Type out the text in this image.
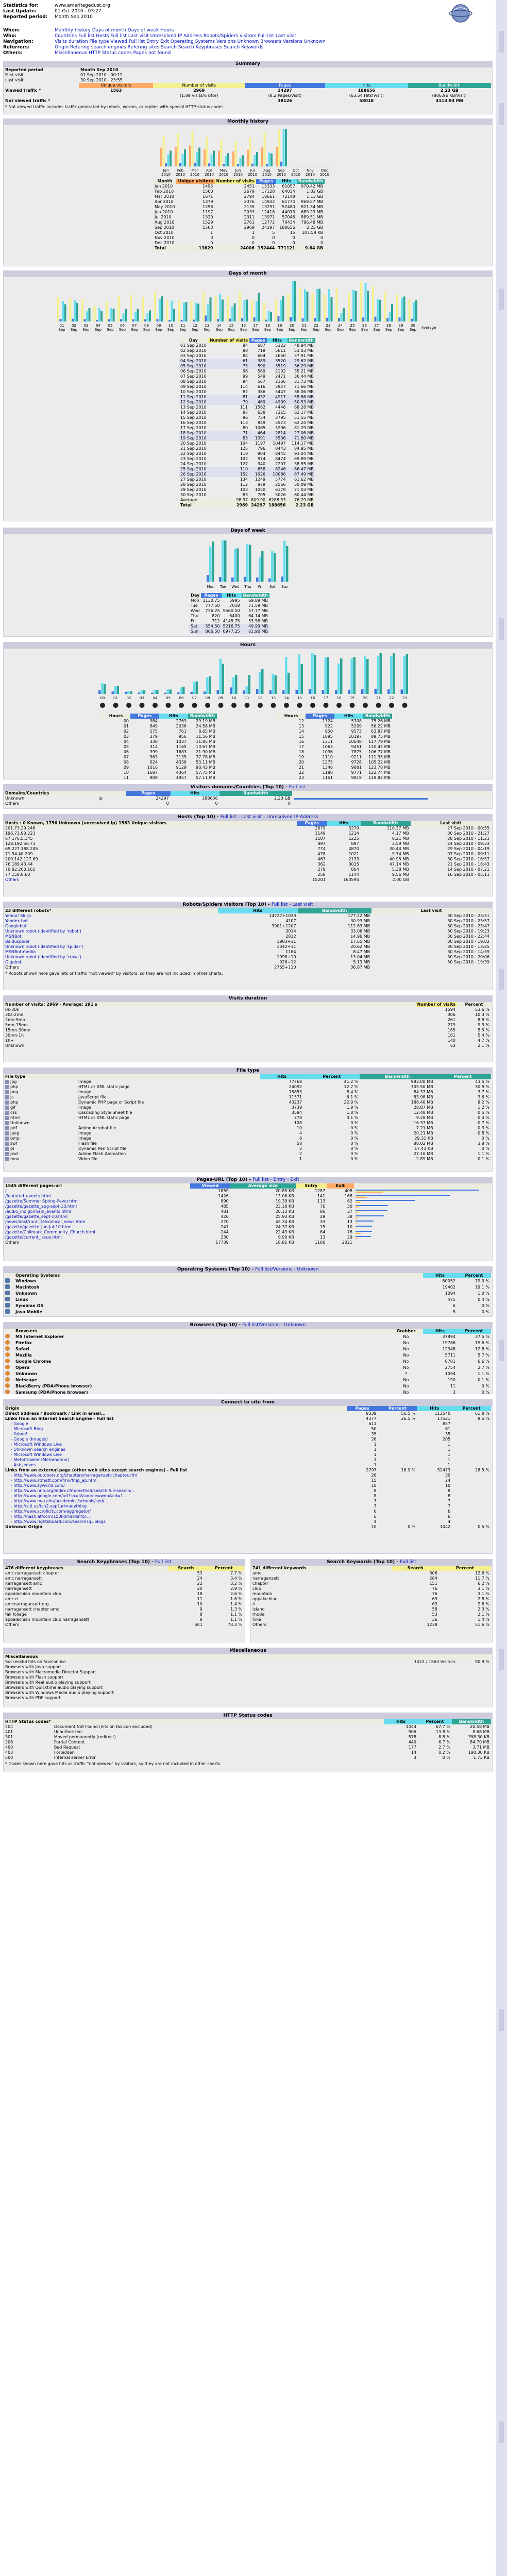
Statistics for:	www.ameritagedust.org
Last Update:	01 Oct 2010 - 03:27
Reported period:	Month Sep 2010
When:	Monthly history Days of month Days of week Hours
Who:	Countries Full list Hosts Full list Last visit Unresolved IP Address Robots/Spiders visitors Full list Last visit
Navigation:	Visits duration File type Viewed Full list Entry Exit Operating Systems Versions Unknown Browsers Versions Unknown
Referrers:	Origin Refering search engines Refering sites Search Search Keyphrases Search Keywords
Others:	Miscellaneous HTTP Status codes Pages not found
Summary
Reported period	Month Sep 2010				
First visit	01 Sep 2010 - 00:12				
Last visit	30 Sep 2010 - 23:55				
	Unique visitors	Number of visits	Pages	Hits	Bandwidth
Viewed traffic *	1563	2969	24297	188656	2.23 GB
		(1.89 visits/visitor)	(8.2 Pages/Visit)	(63.54 Hits/Visit)	(806.96 KB/Visit)
Not viewed traffic *			38126	58018	4113.94 MB
* Not viewed traffic includes traffic generated by robots, worms, or replies with special HTTP status codes.
Monthly history
Jan
2010
Feb
2010
Mar
2010
Apr
2010
May
2010
Jun
2010
Jul
2010
Aug
2010
Sep
2010
Oct
2010
Nov
2010
Dec
2010
Month	Unique visitors	Number of visits	Pages	Hits	Bandwidth
Jan 2010	1495	2451	15333	61057	970.42 MB
Feb 2010	1560	2679	17128	64034	1.02 GB
Mar 2010	1671	2794	18661	72148	1.13 GB
Apr 2010	1379	2376	14932	61774	969.57 MB
May 2010	1258	2135	13291	52480	821.34 MB
Jun 2010	1197	2033	12418	44013	689.29 MB
Jul 2010	1320	2311	13971	57046	889.51 MB
Aug 2010	1529	2761	12772	70434	796.48 MB
Sep 2010	1563	2969	24297	188656	2.23 GB
Oct 2010	1	1	5	15	107.58 KB
Nov 2010	0	0	0	0	0
Dec 2010	0	0	0	0	0
Total	13629	24006	152444	771121	9.64 GB
Days of month
01
Sep
02
Sep
03
Sep
04
Sep
05
Sep
06
Sep
07
Sep
08
Sep
09
Sep
10
Sep
11
Sep
12
Sep
13
Sep
14
Sep
15
Sep
16
Sep
17
Sep
18
Sep
19
Sep
20
Sep
21
Sep
22
Sep
23
Sep
24
Sep
25
Sep
26
Sep
27
Sep
28
Sep
29
Sep
30
Sep Average
Day	Number of visits	Pages	Hits	Bandwidth
01 Sep 2010	94	687	5322	48.94 MB
02 Sep 2010	88	719	5611	53.03 MB
03 Sep 2010	84	604	2650	37.91 MB
04 Sep 2010	61	389	3520	29.62 MB
05 Sep 2010	75	590	3519	36.29 MB
06 Sep 2010	96	589	2102	35.21 MB
07 Sep 2010	99	549	2471	36.44 MB
08 Sep 2010	94	567	2166	31.73 MB
09 Sep 2010	114	616	5927	71.66 MB
10 Sep 2010	82	386	5447	36.06 MB
11 Sep 2010	81	432	4917	55.86 MB
12 Sep 2010	79	469	4909	50.53 MB
13 Sep 2010	111	1562	4446	68.28 MB
14 Sep 2010	97	638	7215	62.17 MB
15 Sep 2010	96	734	3795	51.55 MB
16 Sep 2010	113	849	5573	62.24 MB
17 Sep 2010	80	1065	5296	81.29 MB
18 Sep 2010	71	464	2814	27.06 MB
19 Sep 2010	83	1391	5536	71.60 MB
20 Sep 2010	104	1197	10497	114.17 MB
21 Sep 2010	125	796	8443	84.95 MB
22 Sep 2010	110	904	8445	93.04 MB
23 Sep 2010	102	974	8474	69.89 MB
24 Sep 2010	127	940	2207	38.55 MB
25 Sep 2010	110	658	8246	86.47 MB
26 Sep 2010	152	1026	10086	87.49 MB
27 Sep 2010	134	1249	5774	61.62 MB
28 Sep 2010	112	879	2566	50.09 MB
29 Sep 2010	103	1050	6179	71.03 MB
30 Sep 2010	83	705	5026	60.44 MB
Average	98.97	809.90	6288.53	76.29 MB
Total	2969	24297	188656	2.23 GB
Days of week
Mon Tue Wed Thu Fri Sat Sun
Day	Pages	Hits	Bandwidth
Mon	1130.75	5995	69.89 MB
Tue	777.50	7019	71.59 MB
Wed	736.25	5560.50	57.77 MB
Thu	820	6400	64.14 MB
Fri	712	4145.75	53.58 MB
Sat	554.50	5216.75	49.99 MB
Sun	866.50	6977.25	61.90 MB
Hours
00 01 02 03 04 05 06 07 08 09 10 11 12 13 14 15 16 17 18 19 20 21 22 23
Hours	Pages	Hits	Bandwidth
00	984	2763	29.19 MB
01	649	2036	24.58 MB
02	575	761	8.65 MB
03	379	956	11.56 MB
04	330	1037	11.85 MB
05	314	1165	13.67 MB
06	399	1683	21.90 MB
07	563	3135	37.78 MB
08	624	4336	53.11 MB
09	1016	9129	90.43 MB
10	1687	4364	57.75 MB
11	909	1957	57.11 MB
Hours	Pages	Hits	Bandwidth
12	1324	5708	75.26 MB
13	922	5209	56.22 MB
14	950	9573	63.87 MB
15	1095	10197	89.75 MB
16	1311	10648	117.79 MB
17	1063	9451	110.42 MB
18	1036	7875	106.77 MB
19	1110	9211	111.35 MB
20	1275	9728	105.22 MB
21	1346	9881	123.78 MB
22	1180	9771	122.74 MB
23	1151	9819	119.82 MB
Visitors domains/Countries (Top 10) - Full list
Domains/Countries		Pages	Hits	Bandwidth	
Unknown	ip	24297	188656	2.23 GB	

Others		0	0	0	
Hosts (Top 10) - Full list - Last visit - Unresolved IP Address
Hosts : 0 Known, 1756 Unknown (unresolved ip) 1563 Unique visitors	Pages	Hits	Bandwidth	Last visit
201.73.29.246	2679	5279	110.37 MB	27 Sep 2010 - 00:55
196.73.90.223	1149	1214	4.17 MB	30 Sep 2010 - 21:27
67.176.5.145	1107	1225	8.21 MB	28 Sep 2010 - 11:21
128.192.56.71	897	897	3.59 MB	24 Sep 2010 - 09:33
69.227.188.245	774	4870	30.44 MB	29 Sep 2010 - 04:19
71.94.40.209	478	1021	9.74 MB	07 Sep 2010 - 09:11
209.142.127.69	463	2133	40.95 MB	30 Sep 2010 - 16:57
76.189.43.44	362	3015	47.14 MB	21 Sep 2010 - 16:43
70.82.200.165	279	864	5.38 MB	14 Sep 2010 - 07:21
77.158.8.60	258	1144	9.56 MB	16 Sep 2010 - 05:11
Others	15201	160594	2.00 GB	
Robots/Spiders visitors (Top 10) - Full list - Last visit
23 different robots*	Hits	Bandwidth	Last visit
Yahoo! Slurp	14727+1033	177.22 MB	30 Sep 2010 - 23:51
Yandex bot	4107	30.93 MB	30 Sep 2010 - 23:57
Googlebot	3901+1207	112.63 MB	30 Sep 2010 - 23:47
Unknown robot (identified by 'robot')	3014	33.06 MB	30 Sep 2010 - 19:23
MSNBot	2812	14.96 MB	30 Sep 2010 - 22:44
Baiduspider	1983+11	17.65 MB	30 Sep 2010 - 19:02
Unknown robot (identified by 'spider')	1342+11	20.62 MB	30 Sep 2010 - 13:25
MSNBot-media	1184	8.47 MB	30 Sep 2010 - 14:39
Unknown robot (identified by 'crawl')	1098+10	13.04 MB	30 Sep 2010 - 20:06
Gigabot	926+12	5.13 MB	30 Sep 2010 - 19:39
Others	2765+110	36.87 MB	
* Robots shown here gave hits or traffic "not viewed" by visitors, so they are not included in other charts.
Visits duration
Number of visits: 2969 - Average: 291 s	Number of visits	Percent
0s-30s	1594	53.6 %
30s-2mn	306	10.3 %
2mn-5mn	261	8.8 %
5mn-15mn	279	9.3 %
15mn-30mn	165	5.5 %
30mn-1h	161	5.4 %
1h+	140	4.7 %
Unknown	63	2.1 %
File type
File type		Hits	Percent	Bandwidth	Percent
jpg	Image	77768	41.2 %	993.00 MB	43.5 %
php	HTML or XML static page	24092	12.7 %	705.50 MB	30.9 %
png	Image	15853	8.4 %	84.37 MB	3.7 %
js	JavaScript file	11571	6.1 %	83.98 MB	3.6 %
php	Dynamic PHP page or Script file	43237	22.9 %	188.40 MB	8.2 %
gif	Image	3739	1.9 %	28.87 MB	1.2 %
css	Cascading Style Sheet file	3584	1.8 %	12.48 MB	0.5 %
html	HTML or XML static page	278	0.1 %	9.28 MB	0.4 %
Unknown		108	0 %	16.37 MB	0.7 %
pdf	Adobe Acrobat file	10	0 %	7.21 MB	0.3 %
jpeg	Image	4	0 %	20.21 MB	0.8 %
bmp	Image	8	0 %	29.31 KB	0 %
swf	Flash file	58	0 %	88.02 MB	3.8 %
pl	Dynamic Perl Script file	3	0 %	17.43 KB	0 %
psd	Adobe Flash Animation	2	0 %	27.16 MB	1.1 %
mov	Video file	1	0 %	2.89 MB	0.1 %
Pages-URL (Top 10) - Full list - Entry - Exit
1545 different pages-url	Viewed	Average size	Entry	Exit	
/	1859	20.85 KB	1287	408	

/featured_events.html	1426	13.06 KB	141	168	

/gazette/Summer-Spring-Fever.html	890	19.39 KB	113	62	

/gazette/gazette_aug-sept-10.html	485	23.18 KB	76	30	

/audio_indigo/main_events.html	481	20.13 KB	86	37	

/gazette/gazette_sept-10.html	426	25.93 KB	29	38	

/news/dost/rural_telco/local_news.html	270	42.34 KB	33	13	

/gazette/gazette_jun-jul-10.html	247	24.37 KB	15	10	

/gazette/Chilmark_Community_Church.html	244	22.43 KB	64	76	

/gazette/current_issue.html	230	9.90 KB	13	29	

Others	17739	18.81 KB	1106	2021	
Operating Systems (Top 10) - Full list/Versions - Unknown
	Operating Systems	Hits	Percent
	Windows	80052	79.0 %
	Macintosh	19402	19.1 %
	Unknown	1094	1.0 %
	Linux	475	0.4 %
	Symbian OS	6	0 %
	Java Mobile	5	0 %
Browsers (Top 10) - Full list/Versions - Unknown
	Browsers	Grabber	Hits	Percent
	MS Internet Explorer	No	37894	37.5 %
	Firefox	No	19766	19.6 %
	Safari	No	12948	12.8 %
	Mozilla	No	5711	5.7 %
	Google Chrome	No	6701	6.6 %
	Opera	No	2754	2.7 %
	Unknown	?	1094	1.1 %
	Netscape	No	190	0.1 %
	BlackBerry (PDA/Phone browser)	No	11	0 %
	Samsung (PDA/Phone browser)	No	3	0 %
Connect to site from
Origin	Pages	Percent	Hits	Percent
Direct address / Bookmark / Link in email...	9339	56.5 %	113540	61.8 %
Links from an Internet Search Engine - Full list	4377	26.5 %	17521	9.5 %
- Google	611		857	
- Microsoft Bing	50		61	
- Yahoo!	35		35	
- Google (Images)	26		205	
- Microsoft Windows Live	1		1	
- Unknown search engines	1		1	
- Microsoft Windows Live	1		1	
- MetaCrawler (Metamoteur)	1		1	
- Ask Jeeves	1		1	
Links from an external page (other web sites except search engines) - Full list	2797	16.9 %	52473	28.5 %
- http://www.outdoors.org/chapters/narragansett-chapter.cfm	26		30	
- http://www.stmatt.com/fmv/fmp_ap.htm	15		24	
- http://www.zyworld.com/	10		10	
- http://www.nnp.org/index.cfm/method/search.full-search/...	8		8	
- http://www.google.com/url?sa=t&source=web&cd=1...	8		8	
- http://www.rwu.edu/academics/schools/sed/...	7		7	
- http://siti.us/tsn2.asp?url=anything	7		7	
- http://www.scrollcity.com/aggregator/	6		6	
- http://hash.at/com/150kd/hardinfo/...	6		6	
- http://www.rightsboard.com/search?q=blogs	4		4	
Unknown Origin	10	0 %	1042	0.5 %
Search Keyphrases (Top 10) - Full list
476 different keyphrases	Search	Percent
amc narragansett chapter	53	7.7 %
amc narragansett	24	3.4 %
narragansett amc	22	3.2 %
narragansett	20	2.9 %
appalachian mountain club	18	2.6 %
amc ri	11	1.6 %
amcnarragansett.org	10	1.4 %
narragansett chapter amc	9	1.3 %
fall foliage	8	1.1 %
appalachian mountain club narragansett	8	1.1 %
Others	501	73.3 %
Search Keywords (Top 10) - Full list
741 different keywords	Search	Percent
amc	306	12.6 %
narragansett	284	11.7 %
chapter	151	6.2 %
club	76	3.1 %
mountain	76	3.1 %
appalachian	69	2.8 %
ri	63	2.6 %
island	58	2.3 %
rhode	53	2.1 %
hike	36	1.4 %
Others	1238	51.6 %
Miscellaneous
Miscellaneous		
Successful hits on favicon.ico	1422 / 1563 Visitors	90.9 %
Browsers with Java support		
Browsers with Macromedia Director Support		
Browsers with Flash support		
Browsers with Real audio playing support		
Browsers with Quicktime audio playing support		
Browsers with Windows Media audio playing support		
Browsers with PDF support		
HTTP Status codes
HTTP Status codes*		Hits	Percent	Bandwidth
404	Document Not Found (hits on favicon excluded)	4444	67.7 %	20.58 MB
401	Unauthorized	906	13.8 %	8.68 MB
301	Moved permanently (redirect)	578	8.8 %	358.30 KB
206	Partial Content	440	6.7 %	84.70 MB
400	Bad Request	177	2.7 %	3.71 MB
403	Forbidden	14	0.2 %	190.30 KB
500	Internal server Error	3	0 %	1.73 KB
* Codes shown here gave hits or traffic "not viewed" by visitors, so they are not included in other charts.
